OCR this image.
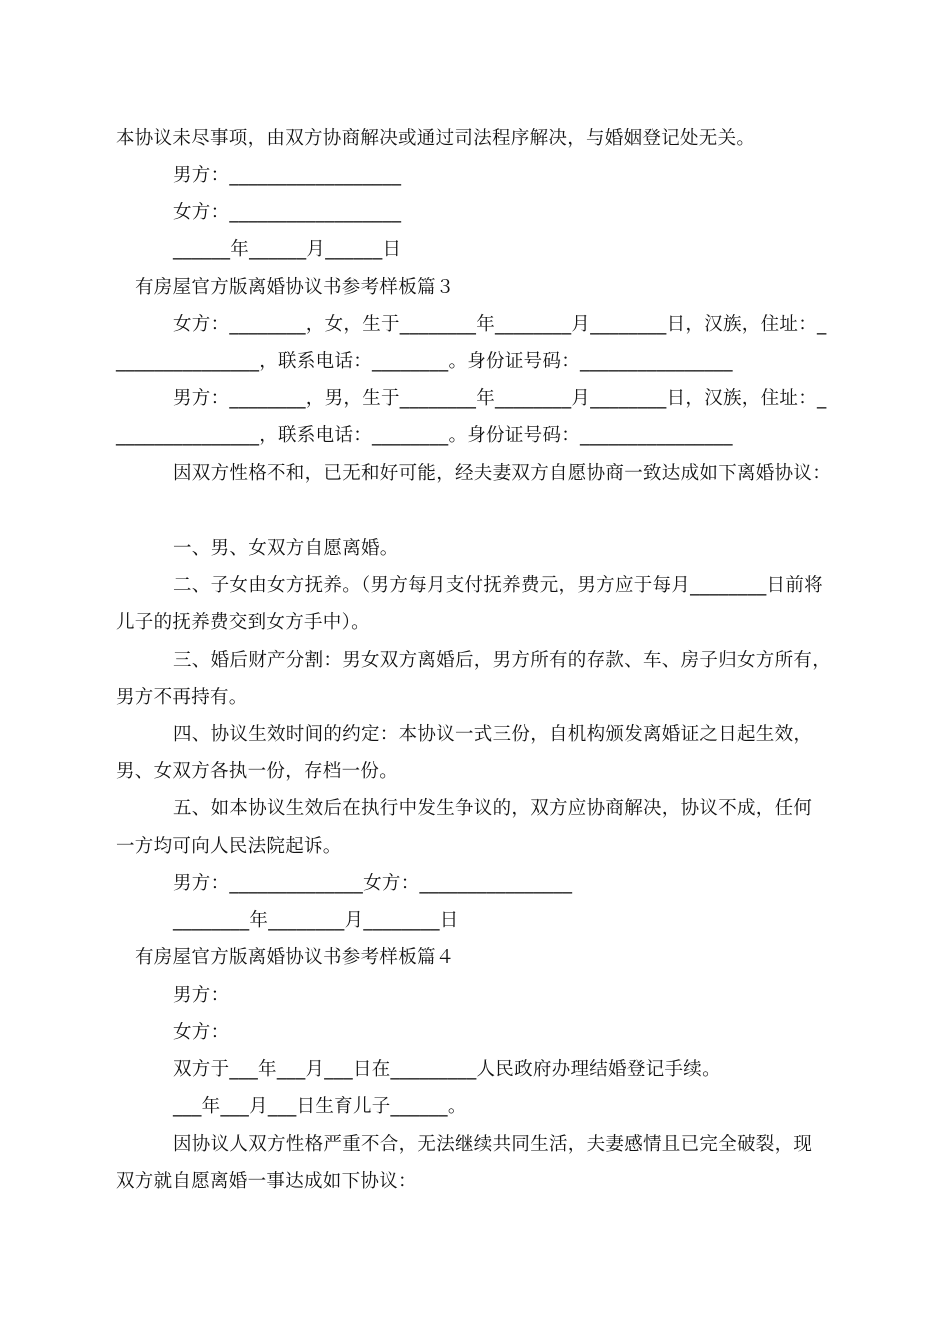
本协议未尽事项，由双方协商解决或通过司法程序解决，与婚姻登记处无关。
男方：__________________
女方：__________________
______年______月______日
有房屋官方版离婚协议书参考样板篇３
女方：________，女，生于________年________月________日，汉族，住址：_
_______________，联系电话：________。身份证号码：________________
男方：________，男，生于________年________月________日，汉族，住址：_
_______________，联系电话：________。身份证号码：________________
因双方性格不和，已无和好可能，经夫妻双方自愿协商一致达成如下离婚协议：
一、男、女双方自愿离婚。
二、子女由女方抚养。（男方每月支付抚养费元，男方应于每月________日前将
儿子的抚养费交到女方手中）。
三、婚后财产分割：男女双方离婚后，男方所有的存款、车、房子归女方所有，
男方不再持有。
四、协议生效时间的约定：本协议一式三份，自机构颁发离婚证之日起生效，
男、女双方各执一份，存档一份。
五、如本协议生效后在执行中发生争议的，双方应协商解决，协议不成，任何
一方均可向人民法院起诉。
男方：______________女方：________________
________年________月________日
有房屋官方版离婚协议书参考样板篇４
男方：
女方：
双方于___年___月___日在_________人民政府办理结婚登记手续。
___年___月___日生育儿子______。
因协议人双方性格严重不合，无法继续共同生活，夫妻感情且已完全破裂，现
双方就自愿离婚一事达成如下协议：
